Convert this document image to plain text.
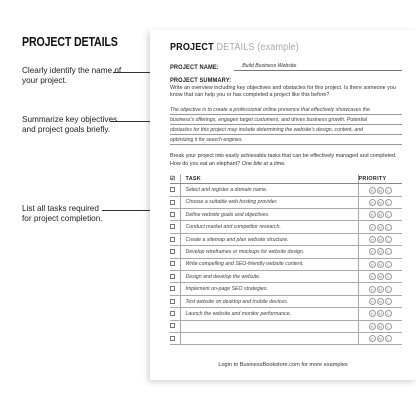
PROJECT DETAILS
Clearly identify the name of your project.
Summarize key objectives and project goals briefly.
List all tasks required for project completion.
PROJECT DETAILS (example)
PROJECT NAME:	Build Business Website
PROJECT SUMMARY:
Write an overview including key objectives and obstacles for this project. Is there someone you know that can help you or has completed a project like this before?
The objective is to create a professional online presence that effectively showcases the
business's offerings, engages target customers, and drives business growth. Potential
obstacles for this project may include determining the website's design, content, and
optimizing it for search engines.
Break your project into easily achievable tasks that can be effectively managed and completed. How do you eat an elephant? One bite at a time.
☑	TASK	PRIORITY
	Select and register a domain name.	H M L
	Choose a suitable web hosting provider.	H M L
	Define website goals and objectives.	H M L
	Conduct market and competitor research.	H M L
	Create a sitemap and plan website structure.	H M L
	Develop wireframes or mockups for website design.	H M L
	Write compelling and SEO-friendly website content.	H M L
	Design and develop the website.	H M L
	Implement on-page SEO strategies.	H M L
	Test website on desktop and mobile devices.	H M L
	Launch the website and monitor performance.	H M L
		H M L
		H M L
Login to BusinessBookstore.com for more examples
